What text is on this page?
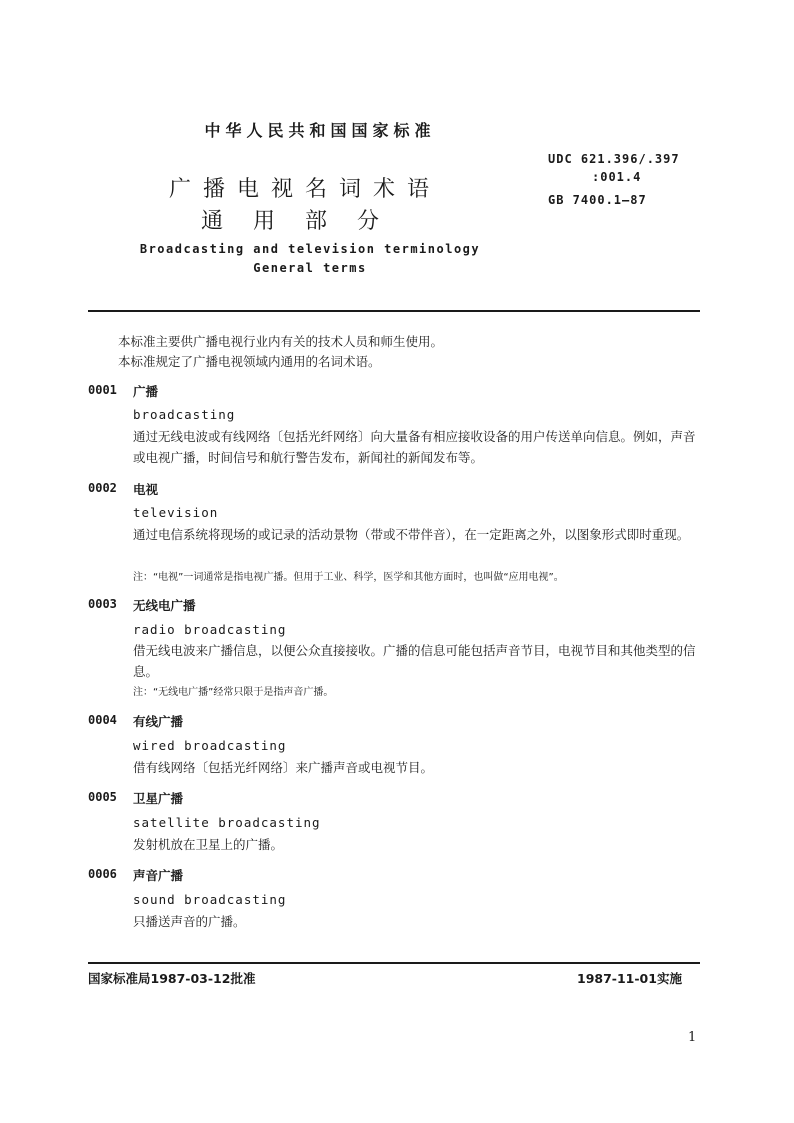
中华人民共和国国家标准
广播电视名词术语
通用部分
Broadcasting and television terminology
General terms
UDC 621.396/.397
:001.4
GB 7400.1—87
本标准主要供广播电视行业内有关的技术人员和师生使用。
本标准规定了广播电视领域内通用的名词术语。
0001 广播
broadcasting
通过无线电波或有线网络〔包括光纤网络〕向大量备有相应接收设备的用户传送单向信息。例如，声音或电视广播，时间信号和航行警告发布，新闻社的新闻发布等。
0002 电视
television
通过电信系统将现场的或记录的活动景物（带或不带伴音），在一定距离之外，以图象形式即时重现。
注：“电视”一词通常是指电视广播。但用于工业、科学，医学和其他方面时，也叫做“应用电视”。
0003 无线电广播
radio broadcasting
借无线电波来广播信息，以便公众直接接收。广播的信息可能包括声音节目，电视节目和其他类型的信息。
注：“无线电广播”经常只限于是指声音广播。
0004 有线广播
wired broadcasting
借有线网络〔包括光纤网络〕来广播声音或电视节目。
0005 卫星广播
satellite broadcasting
发射机放在卫星上的广播。
0006 声音广播
sound broadcasting
只播送声音的广播。
国家标准局1987-03-12批准	1987-11-01实施
1
